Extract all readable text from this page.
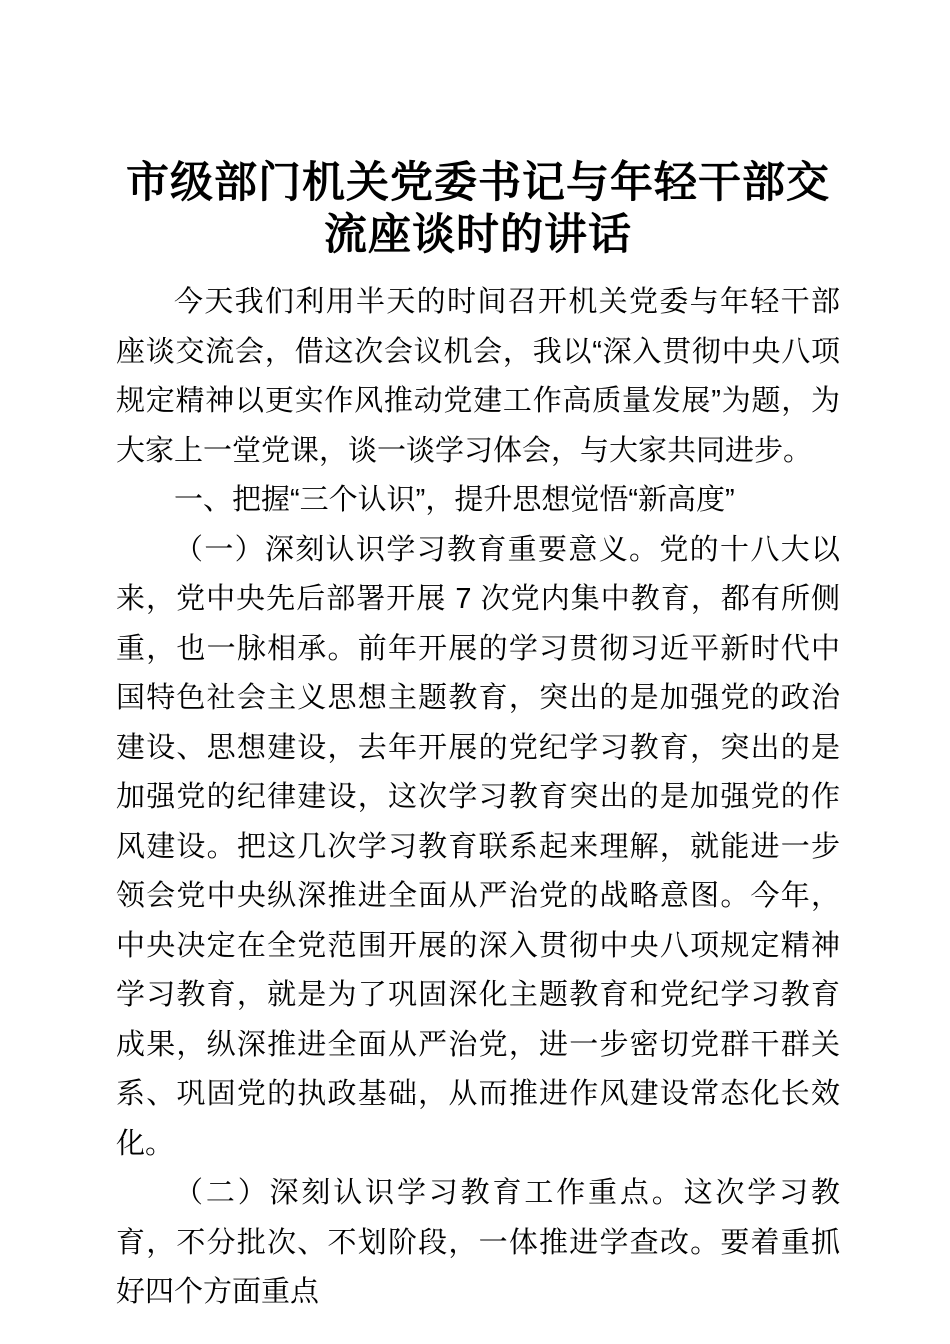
市级部门机关党委书记与年轻干部交流座谈时的讲话

今天我们利用半天的时间召开机关党委与年轻干部座谈交流会，借这次会议机会，我以“深入贯彻中央八项规定精神以更实作风推动党建工作高质量发展”为题，为大家上一堂党课，谈一谈学习体会，与大家共同进步。

一、把握“三个认识”，提升思想觉悟“新高度”

（一）深刻认识学习教育重要意义。党的十八大以来，党中央先后部署开展 7 次党内集中教育，都有所侧重，也一脉相承。前年开展的学习贯彻习近平新时代中国特色社会主义思想主题教育，突出的是加强党的政治建设、思想建设，去年开展的党纪学习教育，突出的是加强党的纪律建设，这次学习教育突出的是加强党的作风建设。把这几次学习教育联系起来理解，就能进一步领会党中央纵深推进全面从严治党的战略意图。今年，中央决定在全党范围开展的深入贯彻中央八项规定精神学习教育，就是为了巩固深化主题教育和党纪学习教育成果，纵深推进全面从严治党，进一步密切党群干群关系、巩固党的执政基础，从而推进作风建设常态化长效化。

（二）深刻认识学习教育工作重点。这次学习教育，不分批次、不划阶段，一体推进学查改。要着重抓好四个方面重点
